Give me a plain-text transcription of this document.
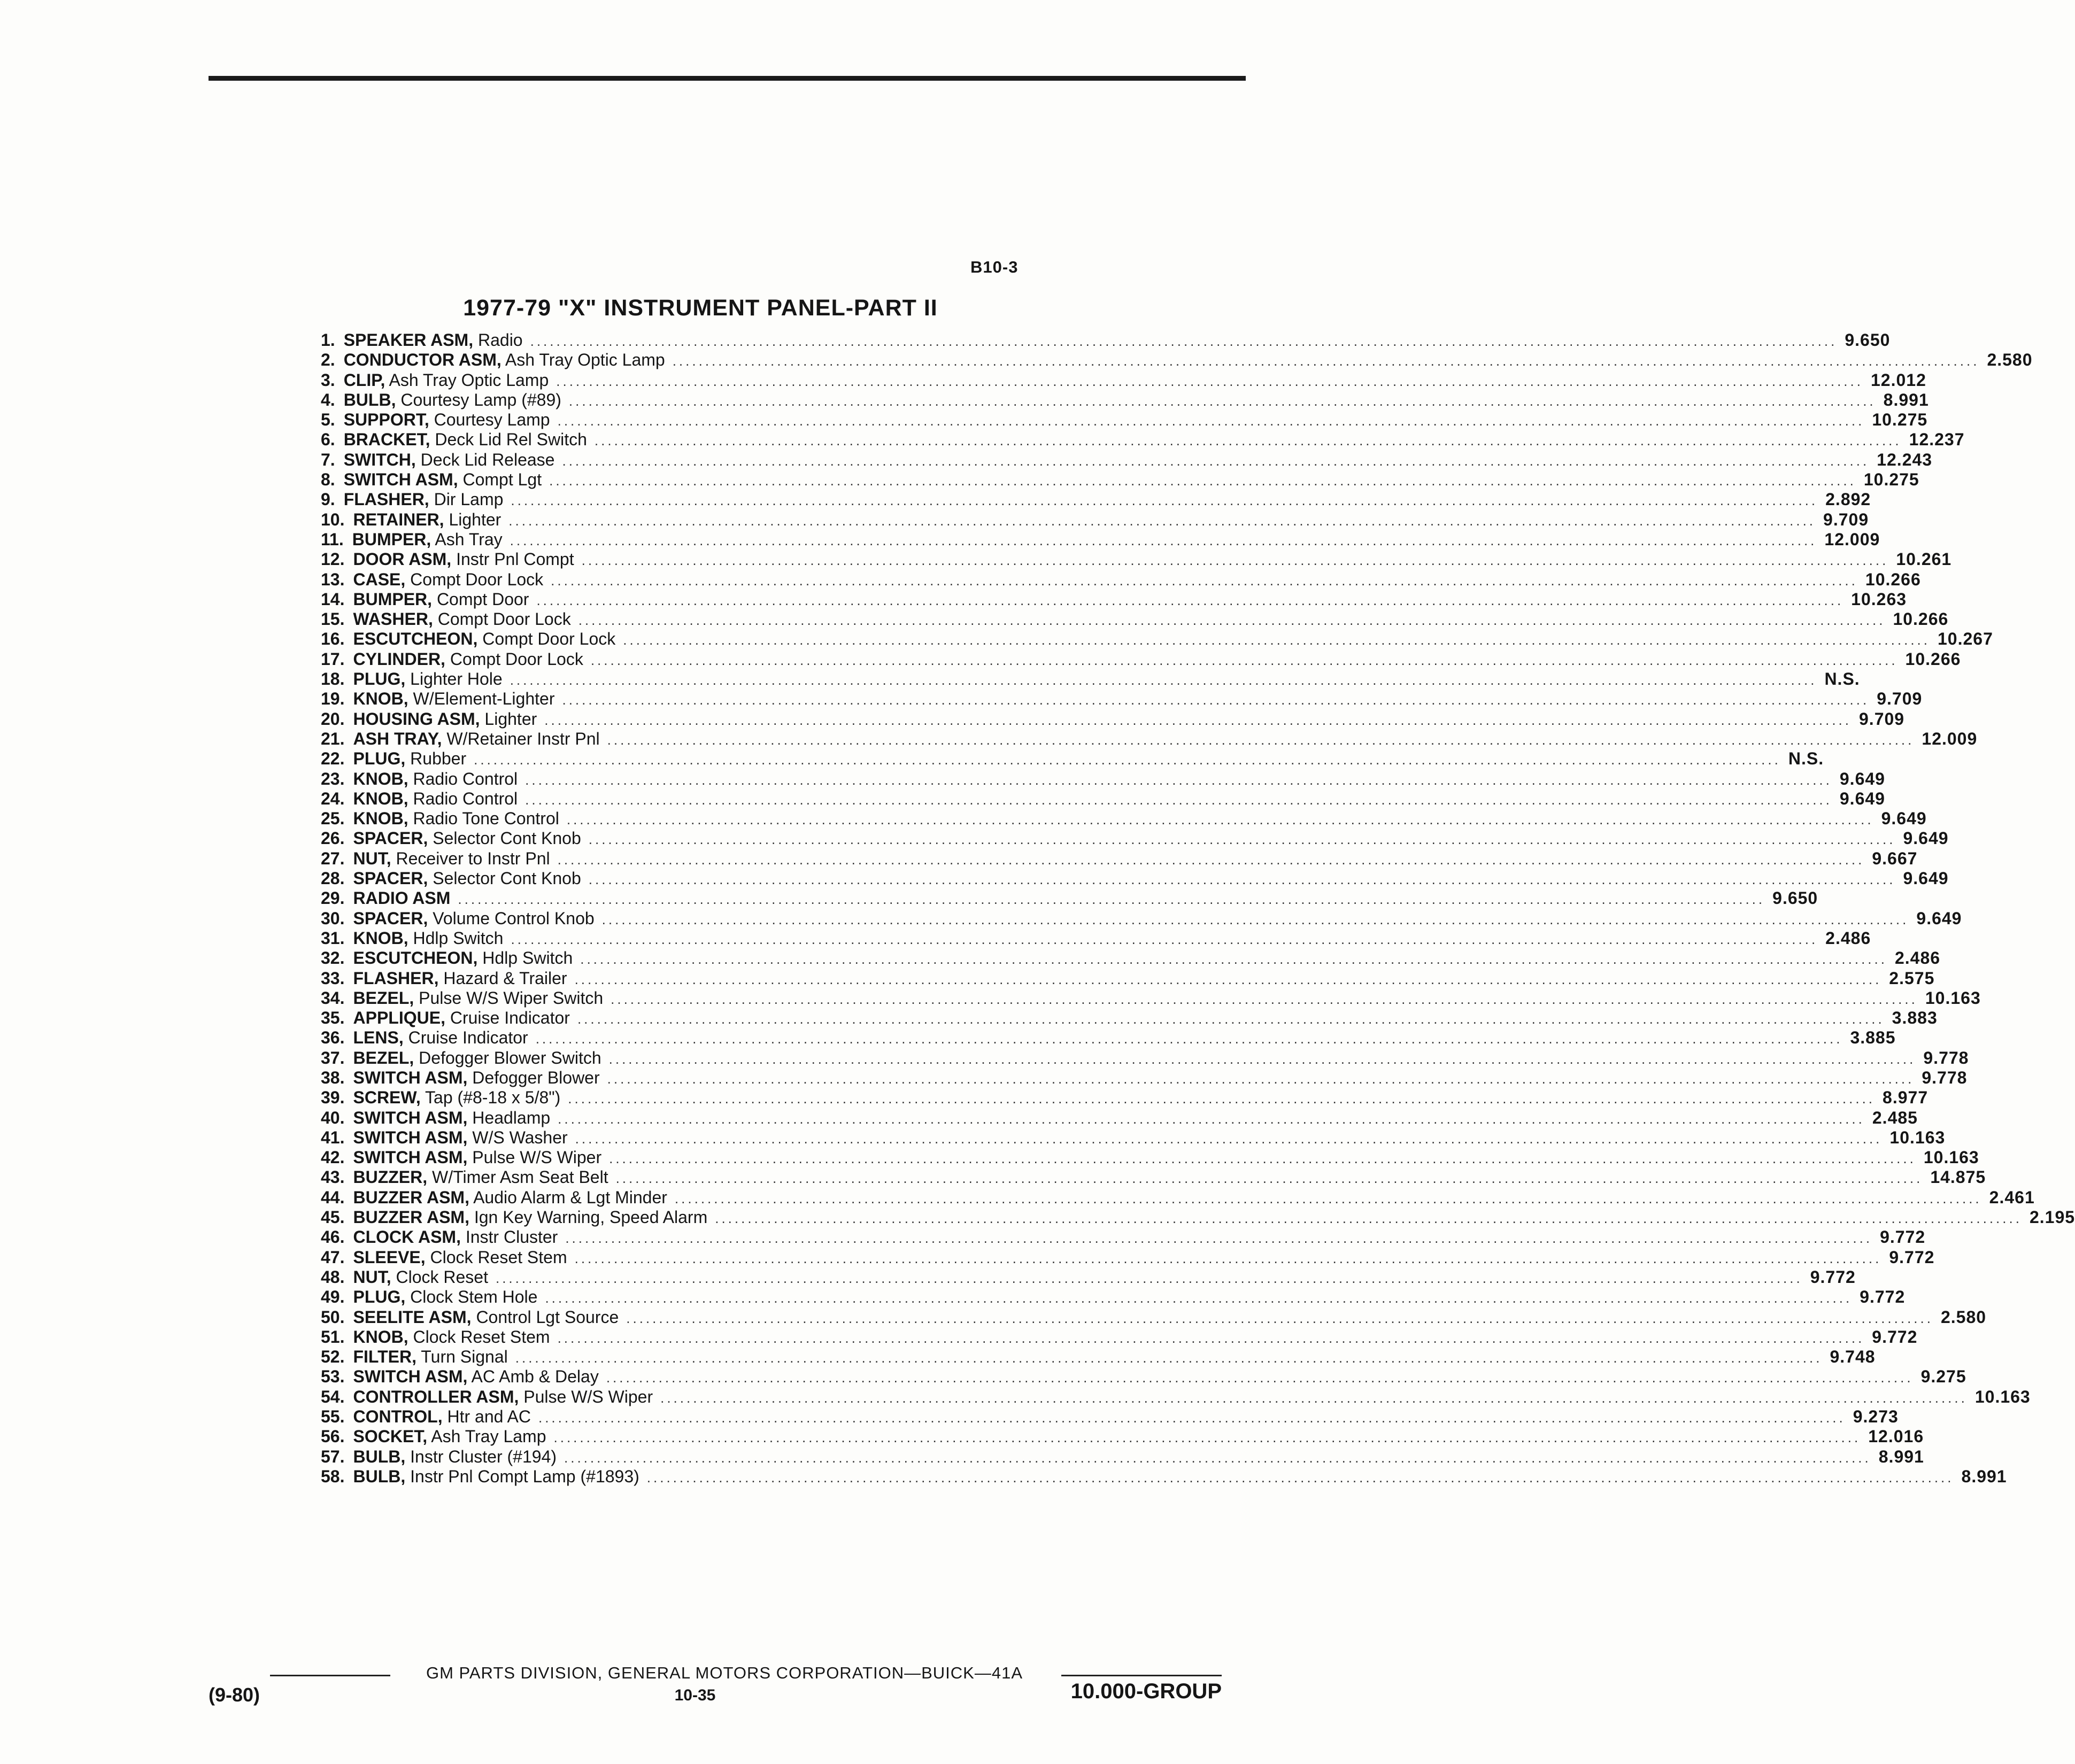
B10-3
1977-79 "X" INSTRUMENT PANEL-PART II
1. SPEAKER ASM, Radio ........................................................................................................................................................................................................ 9.650
2. CONDUCTOR ASM, Ash Tray Optic Lamp ........................................................................................................................................................................................................ 2.580
3. CLIP, Ash Tray Optic Lamp ........................................................................................................................................................................................................ 12.012
4. BULB, Courtesy Lamp (#89) ........................................................................................................................................................................................................ 8.991
5. SUPPORT, Courtesy Lamp ........................................................................................................................................................................................................ 10.275
6. BRACKET, Deck Lid Rel Switch ........................................................................................................................................................................................................ 12.237
7. SWITCH, Deck Lid Release ........................................................................................................................................................................................................ 12.243
8. SWITCH ASM, Compt Lgt ........................................................................................................................................................................................................ 10.275
9. FLASHER, Dir Lamp ........................................................................................................................................................................................................ 2.892
10. RETAINER, Lighter ........................................................................................................................................................................................................ 9.709
11. BUMPER, Ash Tray ........................................................................................................................................................................................................ 12.009
12. DOOR ASM, Instr Pnl Compt ........................................................................................................................................................................................................ 10.261
13. CASE, Compt Door Lock ........................................................................................................................................................................................................ 10.266
14. BUMPER, Compt Door ........................................................................................................................................................................................................ 10.263
15. WASHER, Compt Door Lock ........................................................................................................................................................................................................ 10.266
16. ESCUTCHEON, Compt Door Lock ........................................................................................................................................................................................................ 10.267
17. CYLINDER, Compt Door Lock ........................................................................................................................................................................................................ 10.266
18. PLUG, Lighter Hole ........................................................................................................................................................................................................ N.S.
19. KNOB, W/Element-Lighter ........................................................................................................................................................................................................ 9.709
20. HOUSING ASM, Lighter ........................................................................................................................................................................................................ 9.709
21. ASH TRAY, W/Retainer Instr Pnl ........................................................................................................................................................................................................ 12.009
22. PLUG, Rubber ........................................................................................................................................................................................................ N.S.
23. KNOB, Radio Control ........................................................................................................................................................................................................ 9.649
24. KNOB, Radio Control ........................................................................................................................................................................................................ 9.649
25. KNOB, Radio Tone Control ........................................................................................................................................................................................................ 9.649
26. SPACER, Selector Cont Knob ........................................................................................................................................................................................................ 9.649
27. NUT, Receiver to Instr Pnl ........................................................................................................................................................................................................ 9.667
28. SPACER, Selector Cont Knob ........................................................................................................................................................................................................ 9.649
29. RADIO ASM ........................................................................................................................................................................................................ 9.650
30. SPACER, Volume Control Knob ........................................................................................................................................................................................................ 9.649
31. KNOB, Hdlp Switch ........................................................................................................................................................................................................ 2.486
32. ESCUTCHEON, Hdlp Switch ........................................................................................................................................................................................................ 2.486
33. FLASHER, Hazard & Trailer ........................................................................................................................................................................................................ 2.575
34. BEZEL, Pulse W/S Wiper Switch ........................................................................................................................................................................................................ 10.163
35. APPLIQUE, Cruise Indicator ........................................................................................................................................................................................................ 3.883
36. LENS, Cruise Indicator ........................................................................................................................................................................................................ 3.885
37. BEZEL, Defogger Blower Switch ........................................................................................................................................................................................................ 9.778
38. SWITCH ASM, Defogger Blower ........................................................................................................................................................................................................ 9.778
39. SCREW, Tap (#8-18 x 5/8") ........................................................................................................................................................................................................ 8.977
40. SWITCH ASM, Headlamp ........................................................................................................................................................................................................ 2.485
41. SWITCH ASM, W/S Washer ........................................................................................................................................................................................................ 10.163
42. SWITCH ASM, Pulse W/S Wiper ........................................................................................................................................................................................................ 10.163
43. BUZZER, W/Timer Asm Seat Belt ........................................................................................................................................................................................................ 14.875
44. BUZZER ASM, Audio Alarm & Lgt Minder ........................................................................................................................................................................................................ 2.461
45. BUZZER ASM, Ign Key Warning, Speed Alarm ........................................................................................................................................................................................................ 2.195
46. CLOCK ASM, Instr Cluster ........................................................................................................................................................................................................ 9.772
47. SLEEVE, Clock Reset Stem ........................................................................................................................................................................................................ 9.772
48. NUT, Clock Reset ........................................................................................................................................................................................................ 9.772
49. PLUG, Clock Stem Hole ........................................................................................................................................................................................................ 9.772
50. SEELITE ASM, Control Lgt Source ........................................................................................................................................................................................................ 2.580
51. KNOB, Clock Reset Stem ........................................................................................................................................................................................................ 9.772
52. FILTER, Turn Signal ........................................................................................................................................................................................................ 9.748
53. SWITCH ASM, AC Amb & Delay ........................................................................................................................................................................................................ 9.275
54. CONTROLLER ASM, Pulse W/S Wiper ........................................................................................................................................................................................................ 10.163
55. CONTROL, Htr and AC ........................................................................................................................................................................................................ 9.273
56. SOCKET, Ash Tray Lamp ........................................................................................................................................................................................................ 12.016
57. BULB, Instr Cluster (#194) ........................................................................................................................................................................................................ 8.991
58. BULB, Instr Pnl Compt Lamp (#1893) ........................................................................................................................................................................................................ 8.991
GM PARTS DIVISION, GENERAL MOTORS CORPORATION—BUICK—41A
(9-80)	10-35	10.000-GROUP
